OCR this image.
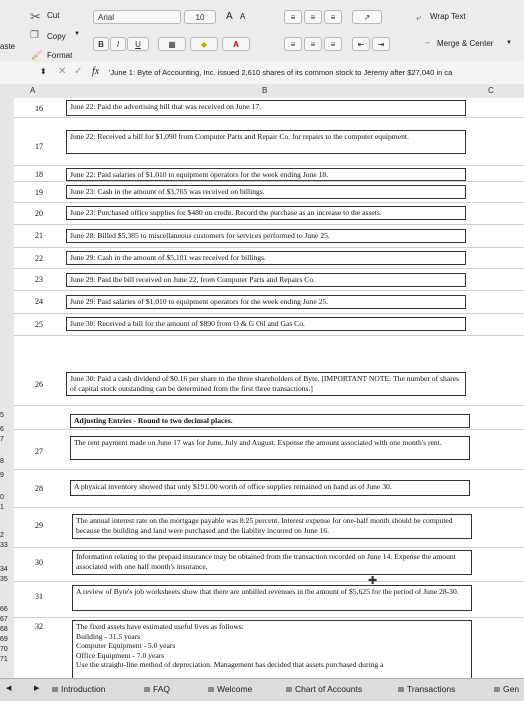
✂ Cut
❐ Copy ▼
aste
🖌 Format
Arial	10 A A
B I U	▦	◆	A
≡ ≡ ≡	↗	⤶ Wrap Text
≡ ≡ ≡	⇤ ⇥	↔ Merge & Center ▼
⬍ ✕ ✓ fx 'June 1: Byte of Accounting, Inc. issued 2,610 shares of its common stock to Jeremy after $27,040 in ca
A	B	C
5
6
7
8
9
0
1
2
33
34
35
66
67
68
69
70
71
16	June 22: Paid the advertising bill that was received on June 17.
17
June 22: Received a bill for $1,090 from Computer Parts and Repair Co. for repairs to the computer equipment.
18	June 22: Paid salaries of $1,010 to equipment operators for the week ending June 18.
19	June 23: Cash in the amount of $3,765 was received on billings.
20	June 23: Purchased office supplies for $480 on credit. Record the purchase as an increase to the assets.
21	June 28: Billed $5,385 to miscellaneous customers for services performed to June 25.
22	June 29: Cash in the amount of $5,101 was received for billings.
23	June 29: Paid the bill received on June 22, from Computer Parts and Repairs Co.
24	June 29: Paid salaries of $1,010 to equipment operators for the week ending June 25.
25	June 30: Received a bill for the amount of $890 from O & G Oil and Gas Co.
26
June 30: Paid a cash dividend of $0.16 per share to the three shareholders of Byte. [IMPORTANT NOTE: The number of shares of capital stock outstanding can be determined from the first three transactions.]
Adjusting Entries - Round to two decimal places.
27
The rent payment made on June 17 was for June, July and August. Expense the amount associated with one month's rent.
28	A physical inventory showed that only $191.00 worth of office supplies remained on hand as of June 30.
29
The annual interest rate on the mortgage payable was 8.25 percent. Interest expense for one-half month should be computed because the building and land were purchased and the liability incurred on June 16.
30
Information relating to the prepaid insurance may be obtained from the transaction recorded on June 14. Expense the amount associated with one half month's insurance.
31
A review of Byte's job worksheets show that there are unbilled revenues in the amount of $5,625 for the period of June 28-30.
32	The fixed assets have estimated useful lives as follows:
Building - 31.5 years
Computer Equipment - 5.0 years
Office Equipment - 7.0 years
Use the straight-line method of depreciation. Management has decided that assets purchased during a
✚
◀	▶	Introduction	FAQ	Welcome	Chart of Accounts	Transactions	Gen
